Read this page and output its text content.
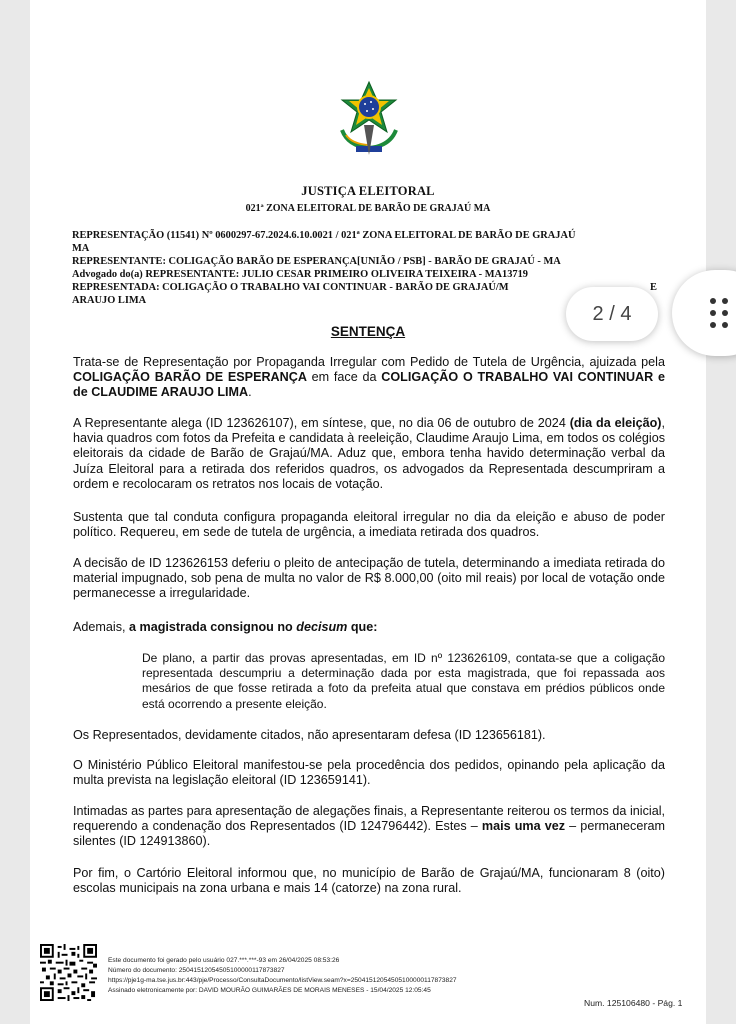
JUSTIÇA ELEITORAL
021ª ZONA ELEITORAL DE BARÃO DE GRAJAÚ MA
REPRESENTAÇÃO (11541) Nº 0600297-67.2024.6.10.0021 / 021ª ZONA ELEITORAL DE BARÃO DE GRAJAÚ
MA
REPRESENTANTE: COLIGAÇÃO BARÃO DE ESPERANÇA[UNIÃO / PSB] - BARÃO DE GRAJAÚ - MA
Advogado do(a) REPRESENTANTE: JULIO CESAR PRIMEIRO OLIVEIRA TEIXEIRA - MA13719
REPRESENTADA: COLIGAÇÃO O TRABALHO VAI CONTINUAR - BARÃO DE GRAJAÚ/M	E
ARAUJO LIMA
SENTENÇA
Trata-se de Representação por Propaganda Irregular com Pedido de Tutela de Urgência, ajuizada pela COLIGAÇÃO BARÃO DE ESPERANÇA em face da COLIGAÇÃO O TRABALHO VAI CONTINUAR e de CLAUDIME ARAUJO LIMA.
A Representante alega (ID 123626107), em síntese, que, no dia 06 de outubro de 2024 (dia da eleição), havia quadros com fotos da Prefeita e candidata à reeleição, Claudime Araujo Lima, em todos os colégios eleitorais da cidade de Barão de Grajaú/MA. Aduz que, embora tenha havido determinação verbal da Juíza Eleitoral para a retirada dos referidos quadros, os advogados da Representada descumpriram a ordem e recolocaram os retratos nos locais de votação.
Sustenta que tal conduta configura propaganda eleitoral irregular no dia da eleição e abuso de poder político. Requereu, em sede de tutela de urgência, a imediata retirada dos quadros.
A decisão de ID 123626153 deferiu o pleito de antecipação de tutela, determinando a imediata retirada do material impugnado, sob pena de multa no valor de R$ 8.000,00 (oito mil reais) por local de votação onde permanecesse a irregularidade.
Ademais, a magistrada consignou no decisum que:
De plano, a partir das provas apresentadas, em ID nº 123626109, contata-se que a coligação representada descumpriu a determinação dada por esta magistrada, que foi repassada aos mesários de que fosse retirada a foto da prefeita atual que constava em prédios públicos onde está ocorrendo a presente eleição.
Os Representados, devidamente citados, não apresentaram defesa (ID 123656181).
O Ministério Público Eleitoral manifestou-se pela procedência dos pedidos, opinando pela aplicação da multa prevista na legislação eleitoral (ID 123659141).
Intimadas as partes para apresentação de alegações finais, a Representante reiterou os termos da inicial, requerendo a condenação dos Representados (ID 124796442). Estes – mais uma vez – permaneceram silentes (ID 124913860).
Por fim, o Cartório Eleitoral informou que, no município de Barão de Grajaú/MA, funcionaram 8 (oito) escolas municipais na zona urbana e mais 14 (catorze) na zona rural.
2 / 4
Este documento foi gerado pelo usuário 027.***.***-93 em 26/04/2025 08:53:26
Número do documento: 25041512054505100000117873827
https://pje1g-ma.tse.jus.br:443/pje/Processo/ConsultaDocumento/listView.seam?x=25041512054505100000117873827
Assinado eletronicamente por: DAVID MOURÃO GUIMARÃES DE MORAIS MENESES - 15/04/2025 12:05:45
Num. 125106480 - Pág. 1
